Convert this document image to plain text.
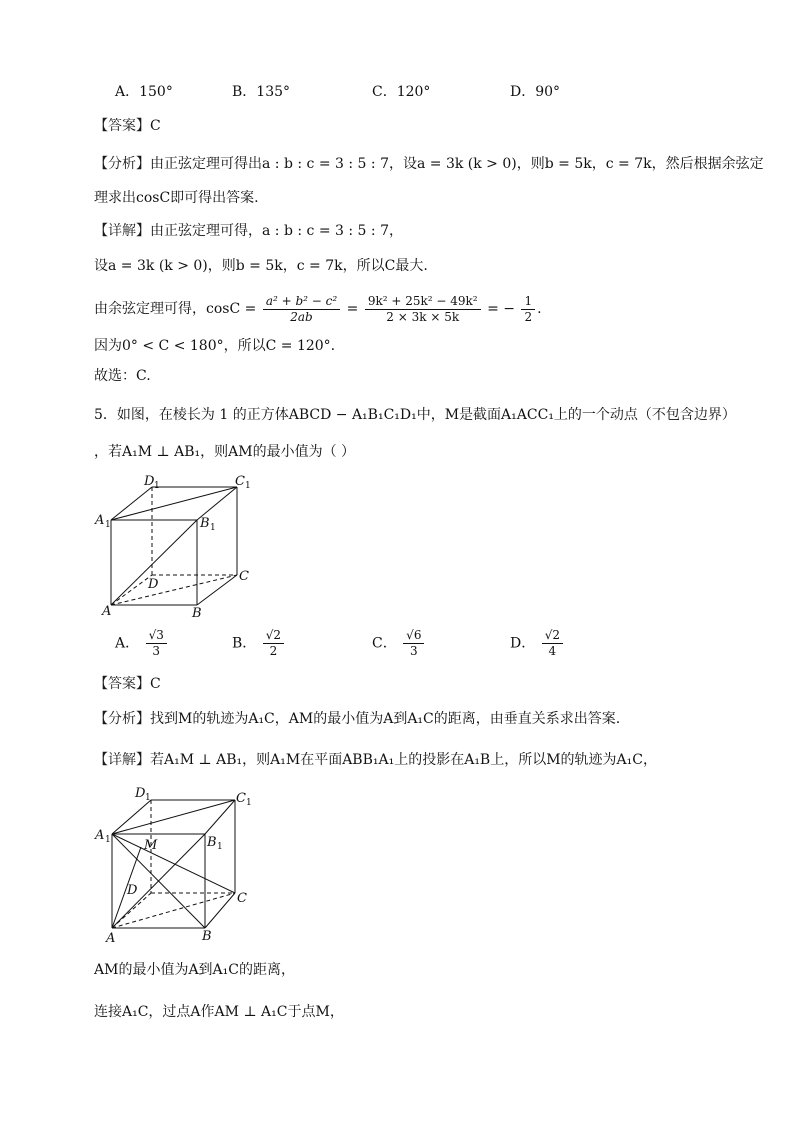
A．150°	B．135°	C．120°	D．90°
【答案】C
【分析】由正弦定理可得出a : b : c = 3 : 5 : 7，设a = 3k (k > 0)，则b = 5k，c = 7k，然后根据余弦定
理求出cosC即可得出答案.
【详解】由正弦定理可得，a : b : c = 3 : 5 : 7，
设a = 3k (k > 0)，则b = 5k，c = 7k，所以C最大.
由余弦定理可得，$\cos C = \frac{\text{a² + b² − c²}}{2ab} = \frac{\text{9k² + 25k² − 49k²}}{2 \times 3k \times 5k}$ = − $\frac{1}{2}$ .
因为0° < C < 180°，所以C = 120°.
故选：C.
5．如图，在棱长为 1 的正方体ABCD − A₁B₁C₁D₁中，M是截面A₁ACC₁上的一个动点（不包含边界）
，若A₁M ⊥ AB₁，则AM的最小值为（ ）
D 1	C 1
A 1	B 1
D
C
A	B
A． $\frac{√3}{3}$	B． $\frac{√2}{2}$	C． $\frac{√6}{3}$	D． $\frac{√2}{4}$
【答案】C
【分析】找到M的轨迹为A₁C，AM的最小值为A到A₁C的距离，由垂直关系求出答案.
【详解】若A₁M ⊥ AB₁，则A₁M在平面ABB₁A₁上的投影在A₁B上，所以M的轨迹为A₁C，
D 1	C 1
A 1	M	B 1
D
C
A	B
AM的最小值为A到A₁C的距离，
连接A₁C，过点A作AM ⊥ A₁C于点M，
